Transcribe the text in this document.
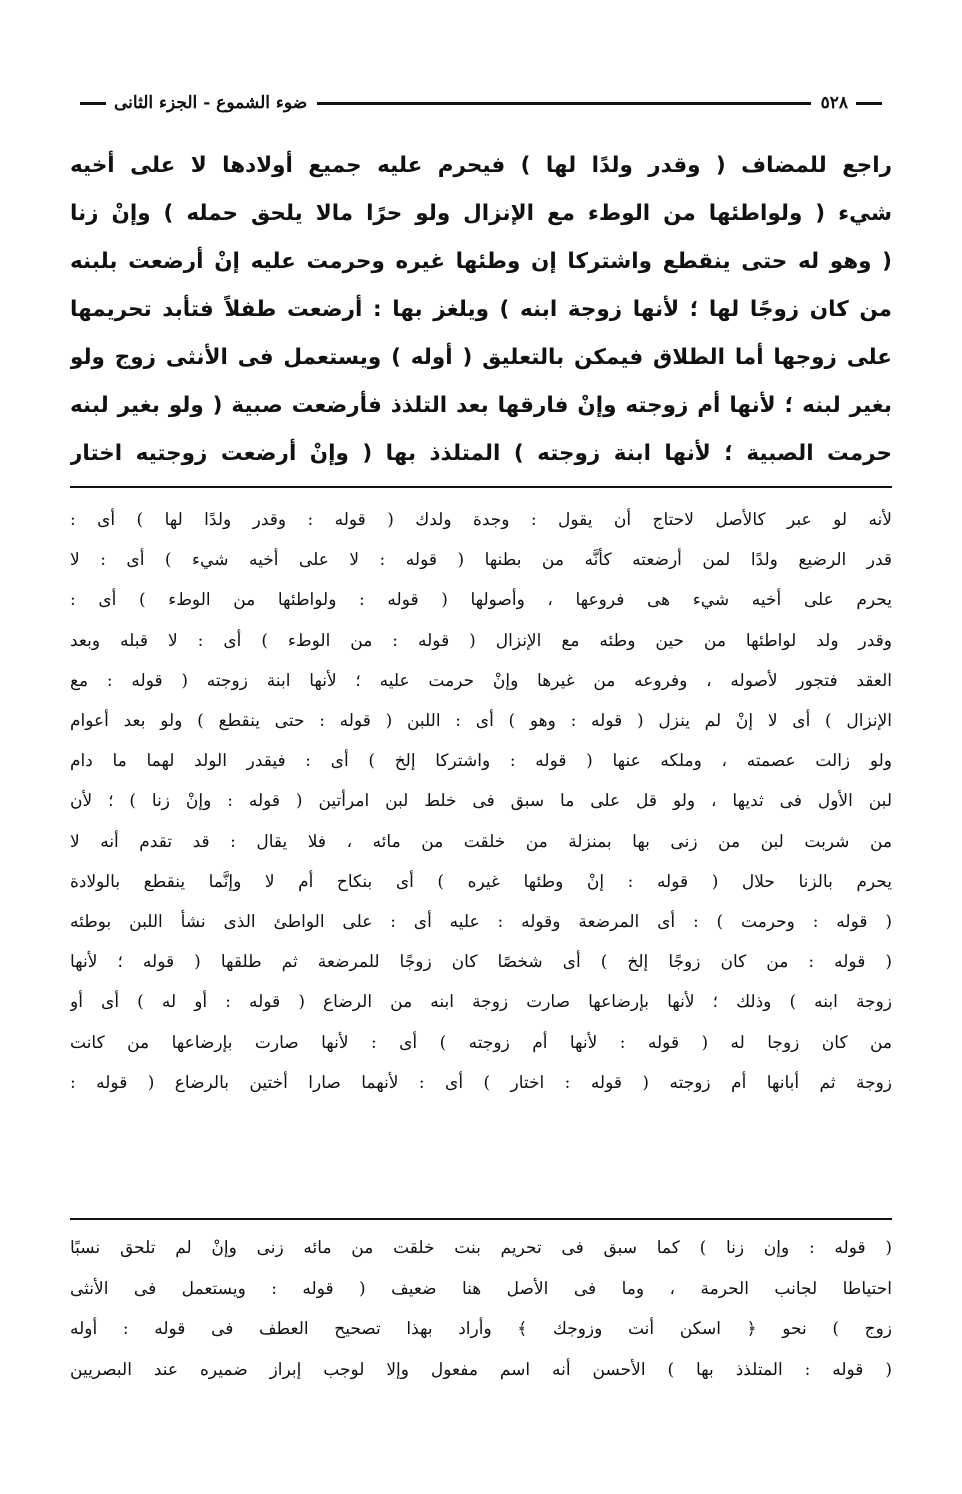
٥٢٨
ضوء الشموع - الجزء الثانى
راجع للمضاف ( وقدر ولدًا لها ) فيحرم عليه جميع أولادها لا على أخيه
شيء ( ولواطئها من الوطء مع الإنزال ولو حرًا مالا يلحق حمله ) وإنْ زنا
( وهو له حتى ينقطع واشتركا إن وطئها غيره وحرمت عليه إنْ أرضعت بلبنه
من كان زوجًا لها ؛ لأنها زوجة ابنه ) ويلغز بها : أرضعت طفلاً فتأبد تحريمها
على زوجها أما الطلاق فيمكن بالتعليق ( أوله ) ويستعمل فى الأنثى زوج ولو
بغير لبنه ؛ لأنها أم زوجته وإنْ فارقها بعد التلذذ فأرضعت صبية ( ولو بغير لبنه
حرمت الصبية ؛ لأنها ابنة زوجته ) المتلذذ بها ( وإنْ أرضعت زوجتيه اختار
لأنه لو عبر كالأصل لاحتاج أن يقول : وجدة ولدك ( قوله : وقدر ولدًا لها ) أى :
قدر الرضيع ولدًا لمن أرضعته كأنَّه من بطنها ( قوله : لا على أخيه شيء ) أى : لا
يحرم على أخيه شيء هى فروعها ، وأصولها ( قوله : ولواطئها من الوطء ) أى :
وقدر ولد لواطئها من حين وطئه مع الإنزال ( قوله : من الوطء ) أى : لا قبله وبعد
العقد فتجور لأصوله ، وفروعه من غيرها وإنْ حرمت عليه ؛ لأنها ابنة زوجته ( قوله : مع
الإنزال ) أى لا إنْ لم ينزل ( قوله : وهو ) أى : اللبن ( قوله : حتى ينقطع ) ولو بعد أعوام
ولو زالت عصمته ، وملكه عنها ( قوله : واشتركا إلخ ) أى : فيقدر الولد لهما ما دام
لبن الأول فى ثديها ، ولو قل على ما سبق فى خلط لبن امرأتين ( قوله : وإنْ زنا ) ؛ لأن
من شربت لبن من زنى بها بمنزلة من خلقت من مائه ، فلا يقال : قد تقدم أنه لا
يحرم بالزنا حلال ( قوله : إنْ وطئها غيره ) أى بنكاح أم لا وإنَّما ينقطع بالولادة
( قوله : وحرمت ) : أى المرضعة وقوله : عليه أى : على الواطئ الذى نشأ اللبن بوطئه
( قوله : من كان زوجًا إلخ ) أى شخصًا كان زوجًا للمرضعة ثم طلقها ( قوله ؛ لأنها
زوجة ابنه ) وذلك ؛ لأنها بإرضاعها صارت زوجة ابنه من الرضاع ( قوله : أو له ) أى أو
من كان زوجا له ( قوله : لأنها أم زوجته ) أى : لأنها صارت بإرضاعها من كانت
زوجة ثم أبانها أم زوجته ( قوله : اختار ) أى : لأنهما صارا أختين بالرضاع ( قوله :
( قوله : وإن زنا ) كما سبق فى تحريم بنت خلقت من مائه زنى وإنْ لم تلحق نسبًا
احتياطا لجانب الحرمة ، وما فى الأصل هنا ضعيف ( قوله : ويستعمل فى الأنثى
زوج ) نحو ﴿ اسكن أنت وزوجك ﴾ وأراد بهذا تصحيح العطف فى قوله : أوله
( قوله : المتلذذ بها ) الأحسن أنه اسم مفعول وإلا لوجب إبراز ضميره عند البصريين
